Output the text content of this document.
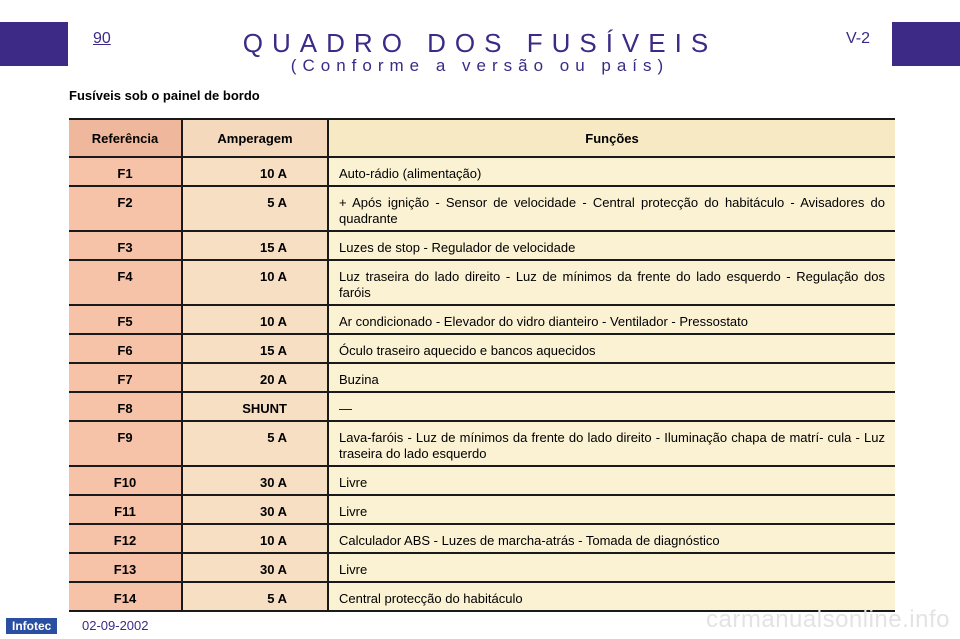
90	QUADRO DOS FUSÍVEIS
(Conforme a versão ou país)
V-2
Fusíveis sob o painel de bordo
Referência	Amperagem	Funções
F1	10 A	Auto-rádio (alimentação)
F2	5 A	+ Após ignição - Sensor de velocidade - Central protecção do habitáculo - Avisadores do quadrante
F3	15 A	Luzes de stop - Regulador de velocidade
F4	10 A	Luz traseira do lado direito - Luz de mínimos da frente do lado esquerdo - Regulação dos faróis
F5	10 A	Ar condicionado - Elevador do vidro dianteiro - Ventilador - Pressostato
F6	15 A	Óculo traseiro aquecido e bancos aquecidos
F7	20 A	Buzina
F8	SHUNT	—
F9	5 A	Lava-faróis - Luz de mínimos da frente do lado direito - Iluminação chapa de matrí- cula - Luz traseira do lado esquerdo
F10	30 A	Livre
F11	30 A	Livre
F12	10 A	Calculador ABS - Luzes de marcha-atrás - Tomada de diagnóstico
F13	30 A	Livre
F14	5 A	Central protecção do habitáculo
Infotec	02-09-2002	carmanualsonline.info
